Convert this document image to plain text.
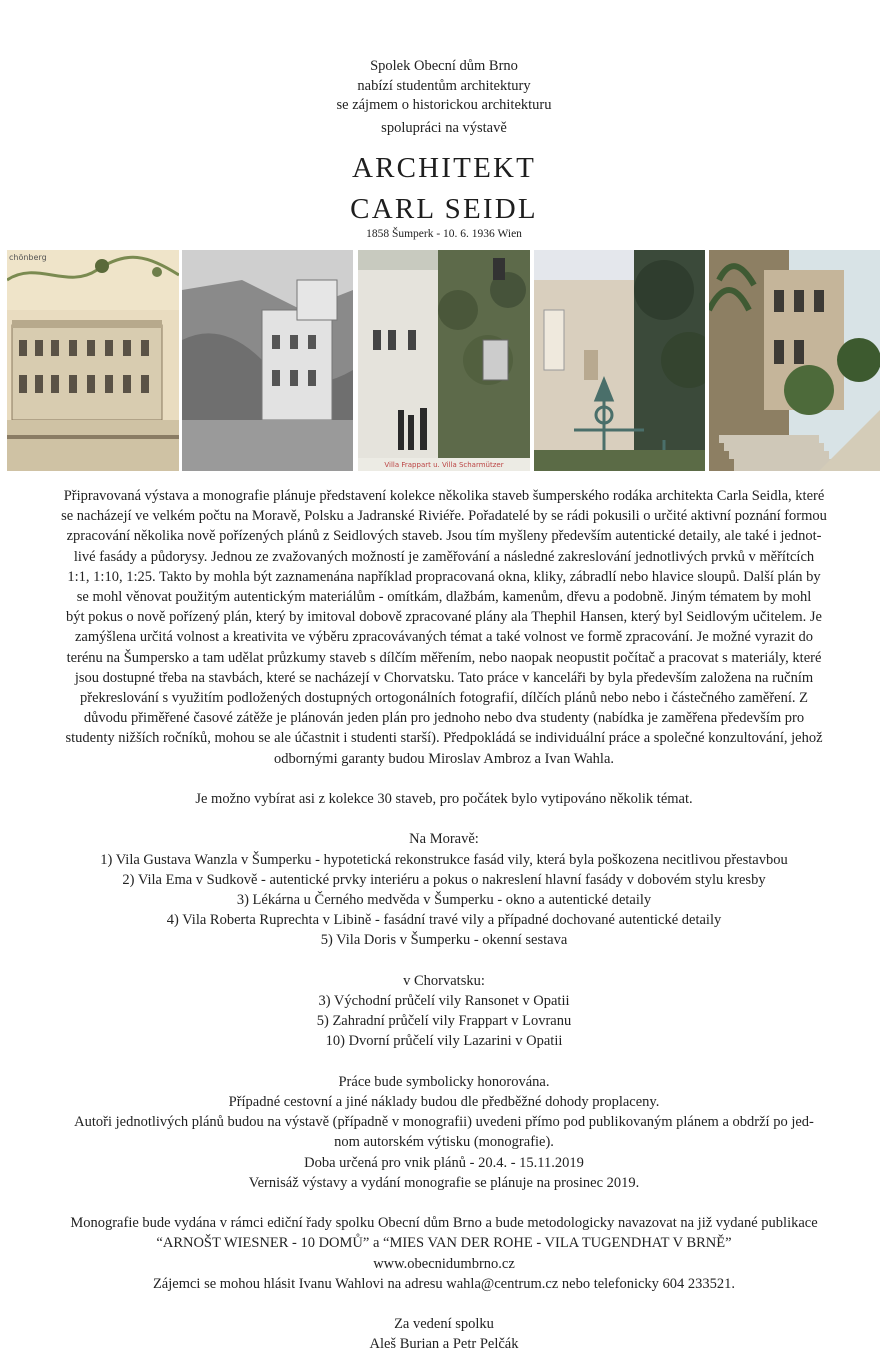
Spolek Obecní dům Brno
nabízí studentům architektury
se zájmem o historickou architekturu
spolupráci na výstavě
ARCHITEKT
CARL SEIDL
1858 Šumperk - 10. 6. 1936 Wien
chönberg
Villa Frappart u. Villa Scharmützer

Připravovaná výstava a monografie plánuje představení kolekce několika staveb šumperského rodáka architekta Carla Seidla, které

se nacházejí ve velkém počtu na Moravě, Polsku a Jadranské Riviéře. Pořadatelé by se rádi pokusili o určité aktivní poznání formou

zpracování několika nově pořízených plánů z Seidlových staveb. Jsou tím myšleny především autentické detaily, ale také i jednot-

livé fasády a půdorysy. Jednou ze zvažovaných možností je zaměřování a následné zakreslování jednotlivých prvků v měřítcích

1:1, 1:10, 1:25. Takto by mohla být zaznamenána například propracovaná okna, kliky, zábradlí nebo hlavice sloupů. Další plán by

se mohl věnovat použitým autentickým materiálům - omítkám, dlažbám, kamenům, dřevu a podobně. Jiným tématem by mohl

být pokus o nově pořízený plán, který by imitoval dobově zpracované plány ala Thephil Hansen, který byl Seidlovým učitelem. Je

zamýšlena určitá volnost a kreativita ve výběru zpracovávaných témat a také volnost ve formě zpracování. Je možné vyrazit do

terénu na Šumpersko a tam udělat průzkumy staveb s dílčím měřením, nebo naopak neopustit počítač a pracovat s materiály, které

jsou dostupné třeba na stavbách, které se nacházejí v Chorvatsku. Tato práce v kanceláři by byla především založena na ručním

překreslování s využitím podložených dostupných ortogonálních fotografií, dílčích plánů nebo nebo i částečného zaměření. Z

důvodu přiměřené časové zátěže je plánován jeden plán pro jednoho nebo dva studenty (nabídka je zaměřena především pro

studenty nižších ročníků, mohou se ale účastnit i studenti starší). Předpokládá se individuální práce a společné konzultování, jehož

odbornými garanty budou Miroslav Ambroz a Ivan Wahla.

Je možno vybírat asi z kolekce 30 staveb, pro počátek bylo vytipováno několik témat.

Na Moravě:

1) Vila Gustava Wanzla v Šumperku - hypotetická rekonstrukce fasád vily, která byla poškozena necitlivou přestavbou

2) Vila Ema v Sudkově - autentické prvky interiéru a pokus o nakreslení hlavní fasády v dobovém stylu kresby

3) Lékárna u Černého medvěda v Šumperku - okno a autentické detaily

4) Vila Roberta Ruprechta v Libině - fasádní travé vily a případné dochované autentické detaily

5) Vila Doris v Šumperku - okenní sestava

v Chorvatsku:

3) Východní průčelí vily Ransonet v Opatii

5) Zahradní průčelí vily Frappart v Lovranu

10) Dvorní průčelí vily Lazarini v Opatii

Práce bude symbolicky honorována.

Případné cestovní a jiné náklady budou dle předběžné dohody proplaceny.

Autoři jednotlivých plánů budou na výstavě (případně v monografii) uvedeni přímo pod publikovaným plánem a obdrží po jed-

nom autorském výtisku (monografie).

Doba určená pro vnik plánů - 20.4. - 15.11.2019

Vernisáž výstavy a vydání monografie se plánuje na prosinec 2019.

Monografie bude vydána v rámci ediční řady spolku Obecní dům Brno a bude metodologicky navazovat na již vydané publikace

“ARNOŠT WIESNER - 10 DOMŮ” a “MIES VAN DER ROHE - VILA TUGENDHAT V BRNĚ”

www.obecnidumbrno.cz

Zájemci se mohou hlásit Ivanu Wahlovi na adresu wahla@centrum.cz nebo telefonicky 604 233521.

Za vedení spolku

Aleš Burian a Petr Pelčák
